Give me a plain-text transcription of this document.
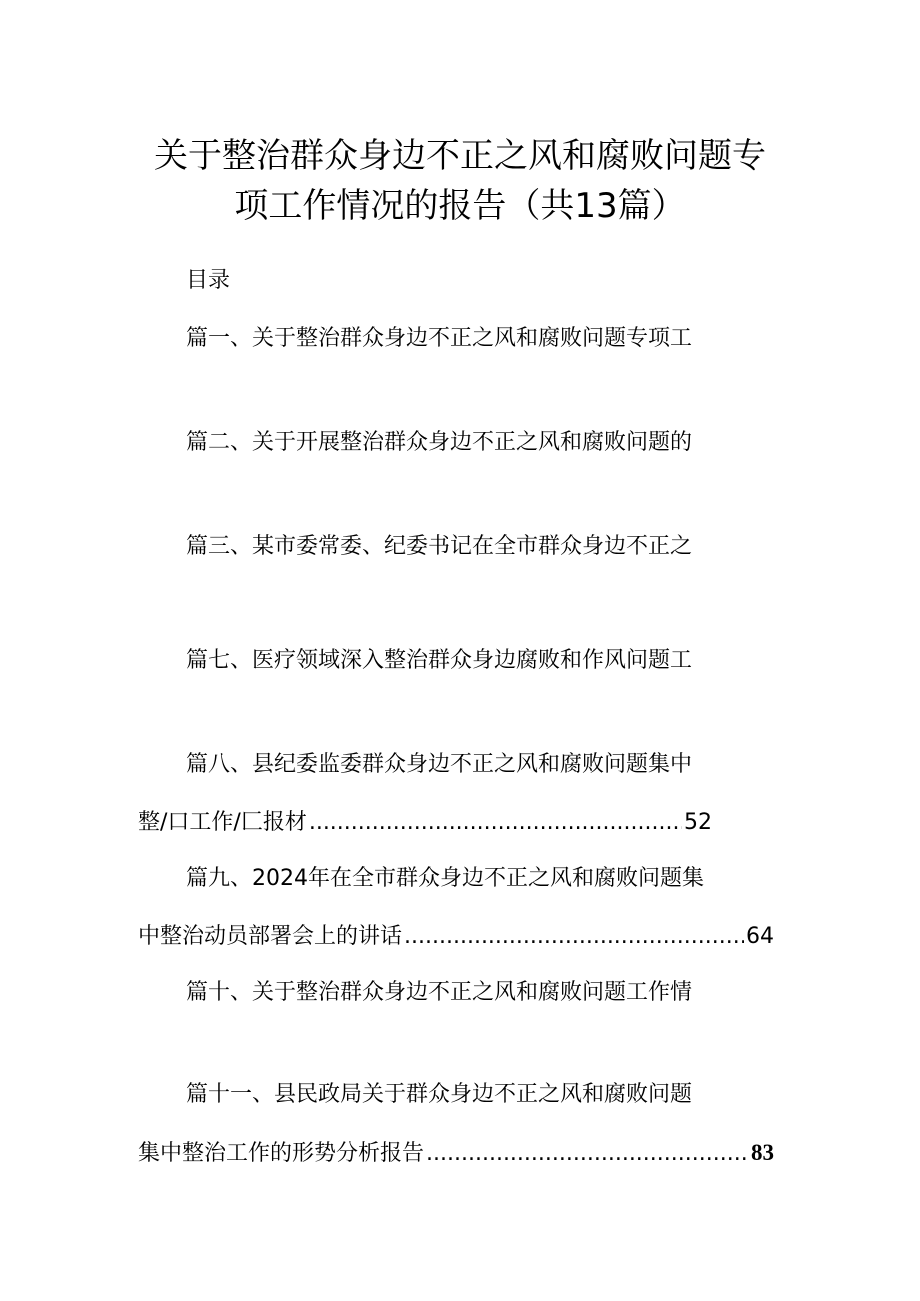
关于整治群众身边不正之风和腐败问题专
项工作情况的报告（共13篇）
目录
篇一、关于整治群众身边不正之风和腐败问题专项工
篇二、关于开展整治群众身边不正之风和腐败问题的
篇三、某市委常委、纪委书记在全市群众身边不正之
篇七、医疗领域深入整治群众身边腐败和作风问题工
篇八、县纪委监委群众身边不正之风和腐败问题集中
整/口工作/匚报材 .....	52
篇九、2024年在全市群众身边不正之风和腐败问题集
中整治动员部署会上的讲话 .....	64
篇十、关于整治群众身边不正之风和腐败问题工作情
篇十一、县民政局关于群众身边不正之风和腐败问题
集中整治工作的形势分析报告 .....	83
